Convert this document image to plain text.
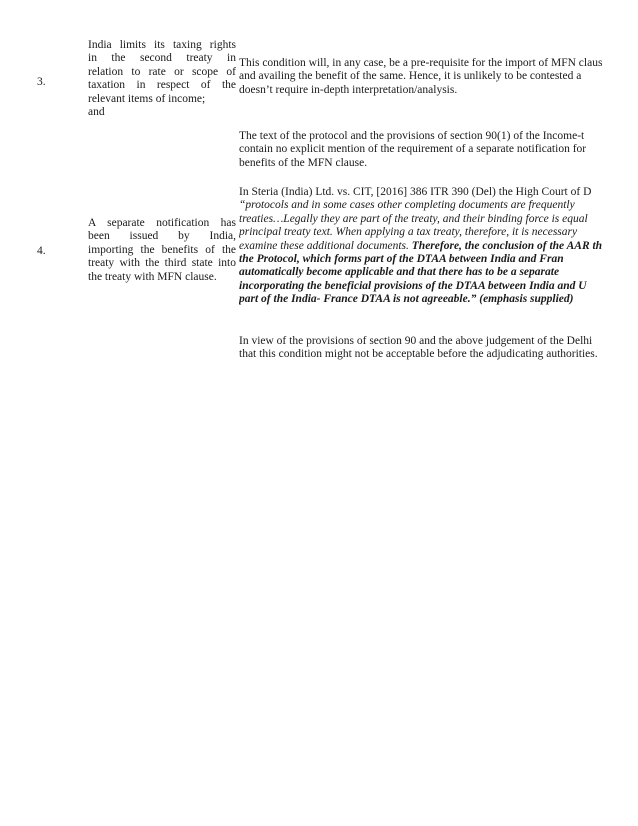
3.
India limits its taxing rights
in the second treaty in
relation to rate or scope of
taxation in respect of the
relevant items of income;
and
This condition will, in any case, be a pre-requisite for the import of MFN claus
and availing the benefit of the same. Hence, it is unlikely to be contested a
doesn’t require in-depth interpretation/analysis.
4.
A separate notification has
been issued by India,
importing the benefits of the
treaty with the third state into
the treaty with MFN clause.
The text of the protocol and the provisions of section 90(1) of the Income-t
contain no explicit mention of the requirement of a separate notification for
benefits of the MFN clause.
In Steria (India) Ltd. vs. CIT, [2016] 386 ITR 390 (Del) the High Court of D
“protocols and in some cases other completing documents are frequently
treaties…Legally they are part of the treaty, and their binding force is equal
principal treaty text. When applying a tax treaty, therefore, it is necessary
examine these additional documents. Therefore, the conclusion of the AAR th
the Protocol, which forms part of the DTAA between India and Fran
automatically become applicable and that there has to be a separate
incorporating the beneficial provisions of the DTAA between India and U
part of the India- France DTAA is not agreeable.” (emphasis supplied)
In view of the provisions of section 90 and the above judgement of the Delhi
that this condition might not be acceptable before the adjudicating authorities.
